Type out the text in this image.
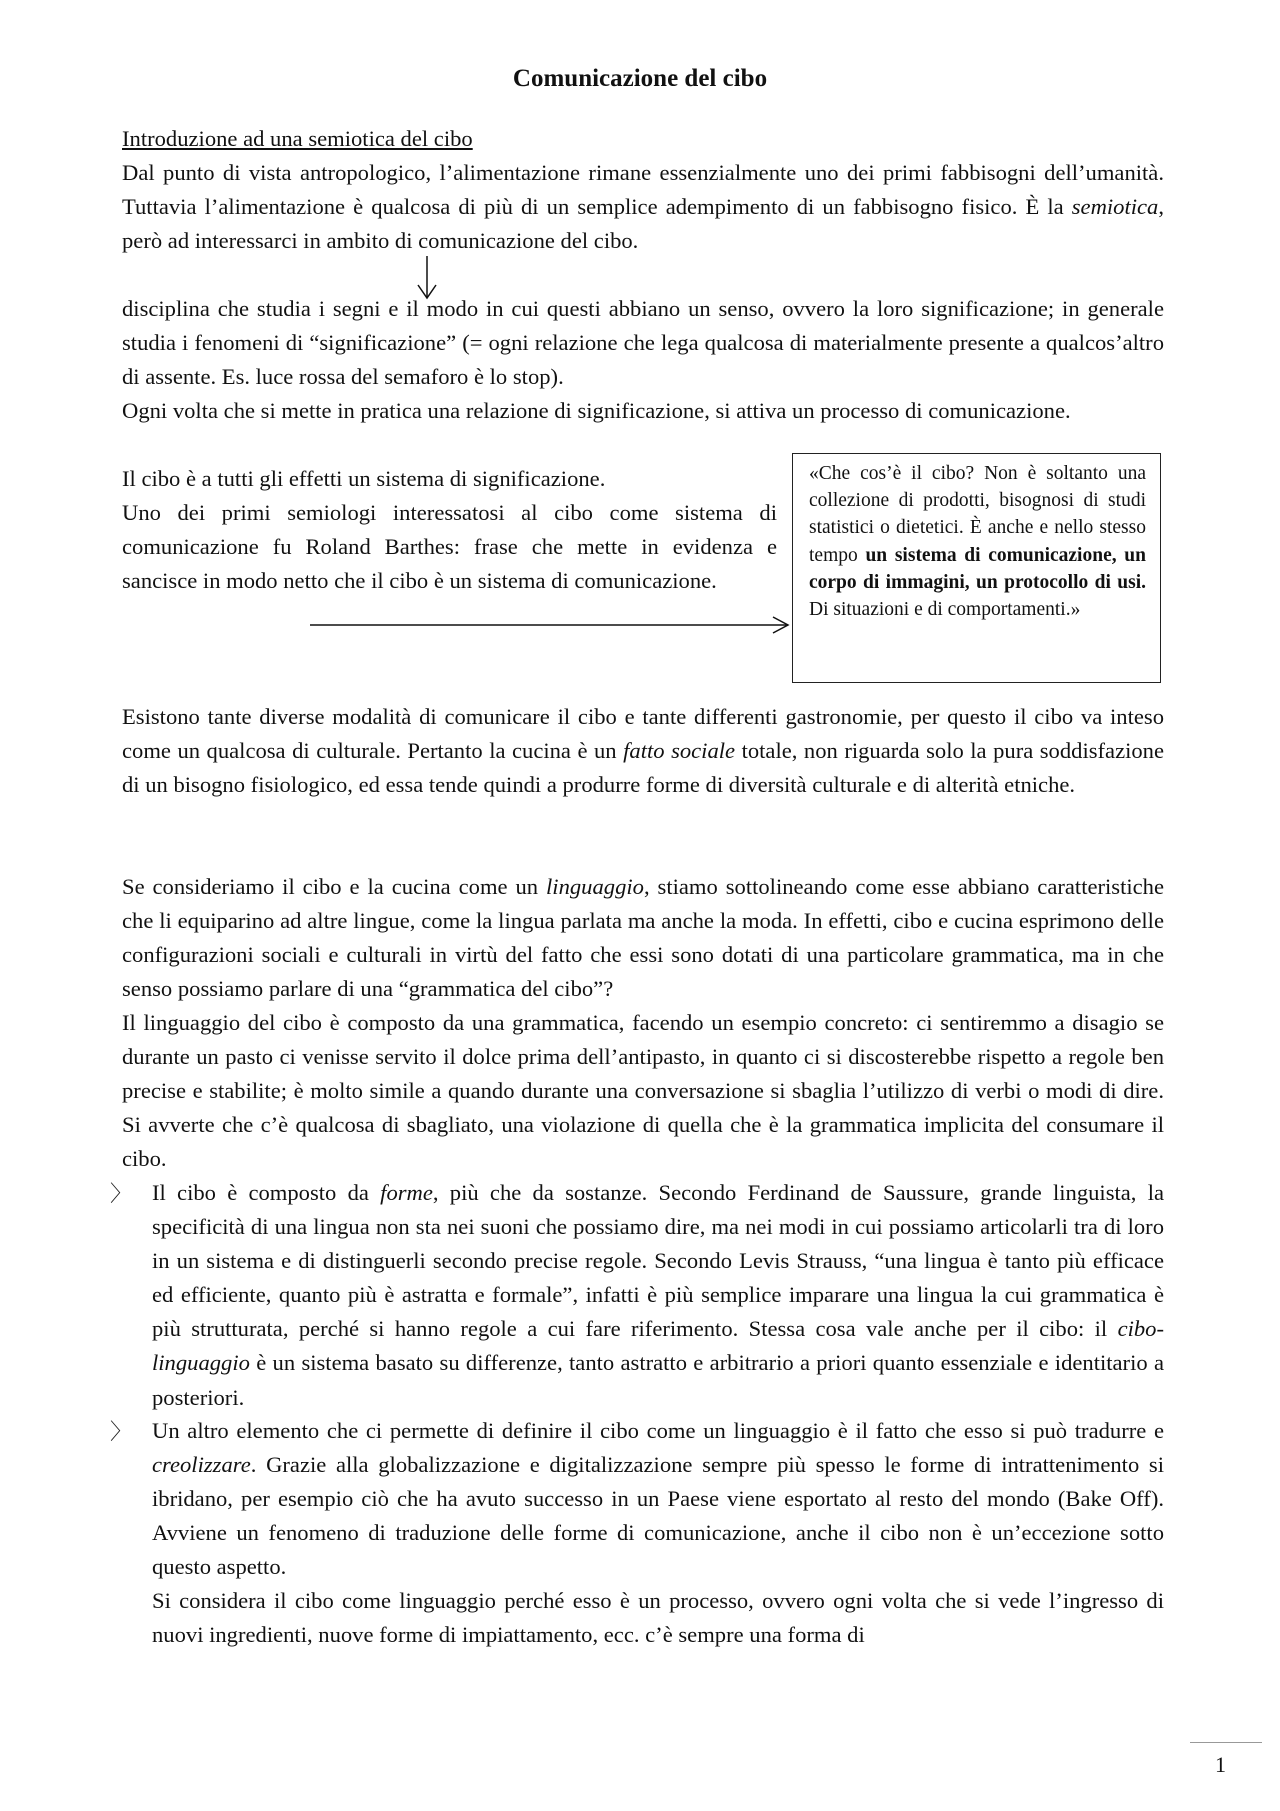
Comunicazione del cibo

Introduzione ad una semiotica del cibo

Dal punto di vista antropologico, l’alimentazione rimane essenzialmente uno dei primi fabbisogni dell’umanità. Tuttavia l’alimentazione è qualcosa di più di un semplice adempimento di un fabbisogno fisico. È la semiotica, però ad interessarci in ambito di comunicazione del cibo.

disciplina che studia i segni e il modo in cui questi abbiano un senso, ovvero la loro significazione; in generale studia i fenomeni di “significazione” (= ogni relazione che lega qualcosa di materialmente presente a qualcos’altro di assente. Es. luce rossa del semaforo è lo stop).

Ogni volta che si mette in pratica una relazione di significazione, si attiva un processo di comunicazione.

Il cibo è a tutti gli effetti un sistema di significazione.

Uno dei primi semiologi interessatosi al cibo come sistema di comunicazione fu Roland Barthes: frase che mette in evidenza e sancisce in modo netto che il cibo è un sistema di comunicazione.

«Che cos’è il cibo? Non è soltanto una collezione di prodotti, bisognosi di studi statistici o dietetici. È anche e nello stesso tempo un sistema di comunicazione, un corpo di immagini, un protocollo di usi. Di situazioni e di comportamenti.»

Esistono tante diverse modalità di comunicare il cibo e tante differenti gastronomie, per questo il cibo va inteso come un qualcosa di culturale. Pertanto la cucina è un fatto sociale totale, non riguarda solo la pura soddisfazione di un bisogno fisiologico, ed essa tende quindi a produrre forme di diversità culturale e di alterità etniche.

Se consideriamo il cibo e la cucina come un linguaggio, stiamo sottolineando come esse abbiano caratteristiche che li equiparino ad altre lingue, come la lingua parlata ma anche la moda. In effetti, cibo e cucina esprimono delle configurazioni sociali e culturali in virtù del fatto che essi sono dotati di una particolare grammatica, ma in che senso possiamo parlare di una “grammatica del cibo”?

Il linguaggio del cibo è composto da una grammatica, facendo un esempio concreto: ci sentiremmo a disagio se durante un pasto ci venisse servito il dolce prima dell’antipasto, in quanto ci si discosterebbe rispetto a regole ben precise e stabilite; è molto simile a quando durante una conversazione si sbaglia l’utilizzo di verbi o modi di dire. Si avverte che c’è qualcosa di sbagliato, una violazione di quella che è la grammatica implicita del consumare il cibo.

〉 Il cibo è composto da forme, più che da sostanze. Secondo Ferdinand de Saussure, grande linguista, la specificità di una lingua non sta nei suoni che possiamo dire, ma nei modi in cui possiamo articolarli tra di loro in un sistema e di distinguerli secondo precise regole. Secondo Levis Strauss, “una lingua è tanto più efficace ed efficiente, quanto più è astratta e formale”, infatti è più semplice imparare una lingua la cui grammatica è più strutturata, perché si hanno regole a cui fare riferimento. Stessa cosa vale anche per il cibo: il cibo-linguaggio è un sistema basato su differenze, tanto astratto e arbitrario a priori quanto essenziale e identitario a posteriori.

〉 Un altro elemento che ci permette di definire il cibo come un linguaggio è il fatto che esso si può tradurre e creolizzare. Grazie alla globalizzazione e digitalizzazione sempre più spesso le forme di intrattenimento si ibridano, per esempio ciò che ha avuto successo in un Paese viene esportato al resto del mondo (Bake Off). Avviene un fenomeno di traduzione delle forme di comunicazione, anche il cibo non è un’eccezione sotto questo aspetto.

Si considera il cibo come linguaggio perché esso è un processo, ovvero ogni volta che si vede l’ingresso di nuovi ingredienti, nuove forme di impiattamento, ecc. c’è sempre una forma di

1
